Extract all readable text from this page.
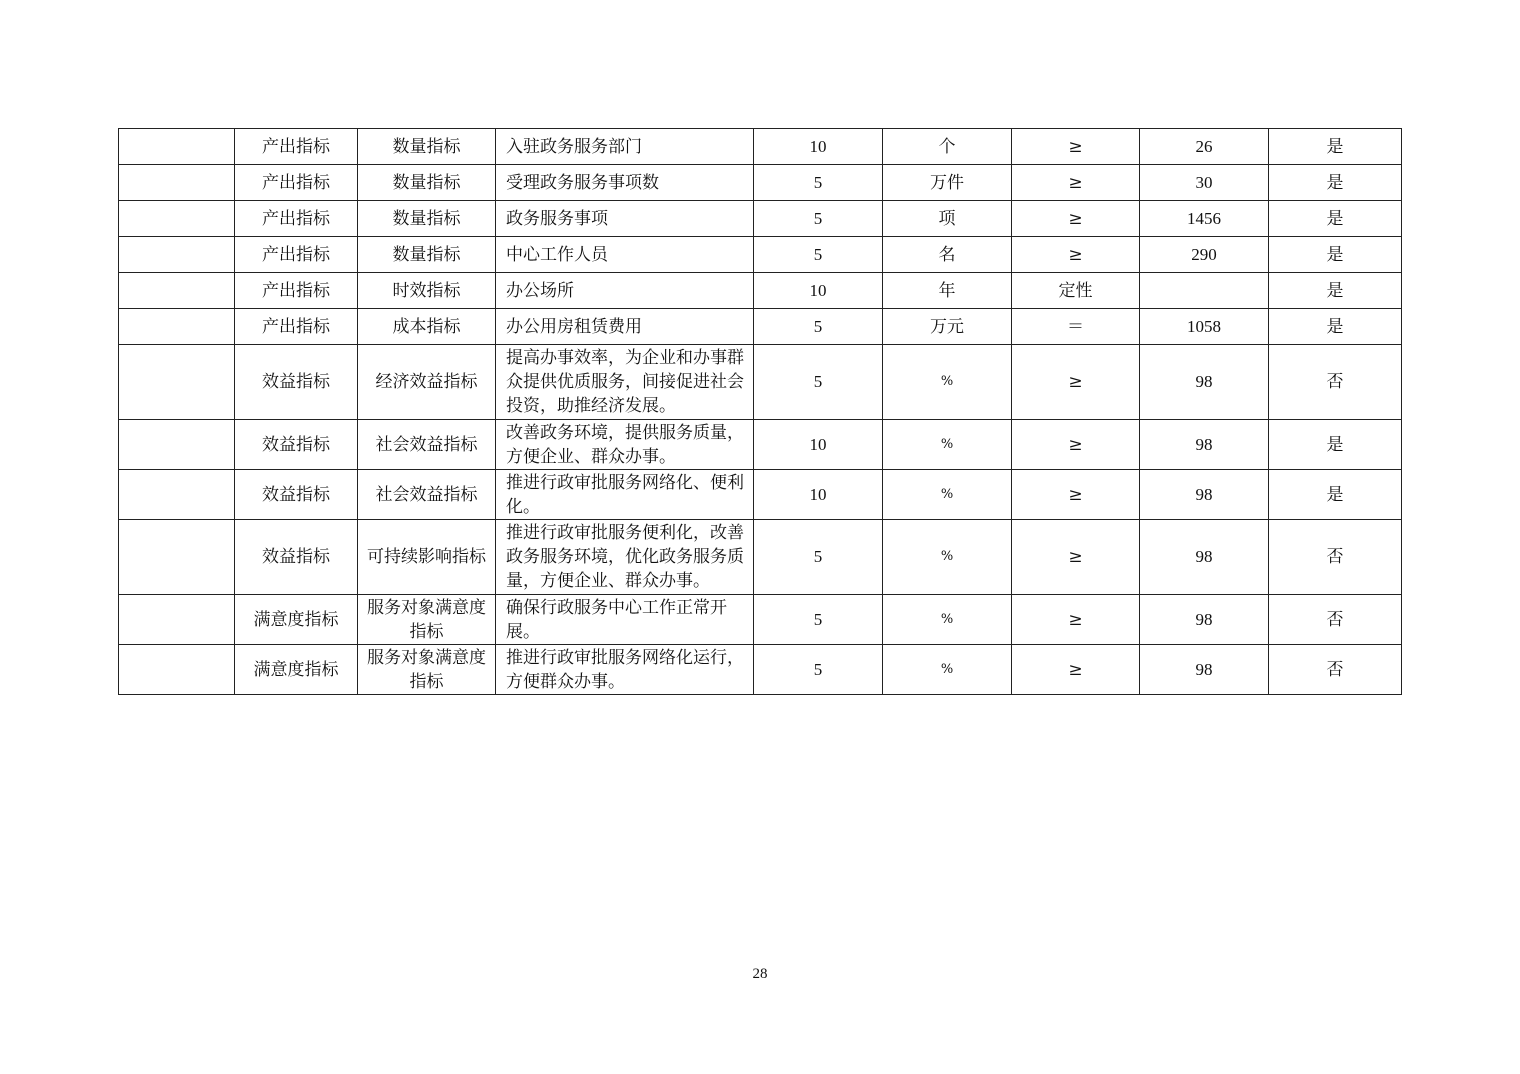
	产出指标	数量指标	入驻政务服务部门	10	个	≥	26	是
	产出指标	数量指标	受理政务服务事项数	5	万件	≥	30	是
	产出指标	数量指标	政务服务事项	5	项	≥	1456	是
	产出指标	数量指标	中心工作人员	5	名	≥	290	是
	产出指标	时效指标	办公场所	10	年	定性		是
	产出指标	成本指标	办公用房租赁费用	5	万元	＝	1058	是
	效益指标	经济效益指标	提高办事效率，为企业和办事群众提供优质服务，间接促进社会投资，助推经济发展。	5	%	≥	98	否
	效益指标	社会效益指标	改善政务环境，提供服务质量，方便企业、群众办事。	10	%	≥	98	是
	效益指标	社会效益指标	推进行政审批服务网络化、便利化。	10	%	≥	98	是
	效益指标	可持续影响指标	推进行政审批服务便利化，改善政务服务环境，优化政务服务质量，方便企业、群众办事。	5	%	≥	98	否
	满意度指标	服务对象满意度指标	确保行政服务中心工作正常开展。	5	%	≥	98	否
	满意度指标	服务对象满意度指标	推进行政审批服务网络化运行，方便群众办事。	5	%	≥	98	否
28
